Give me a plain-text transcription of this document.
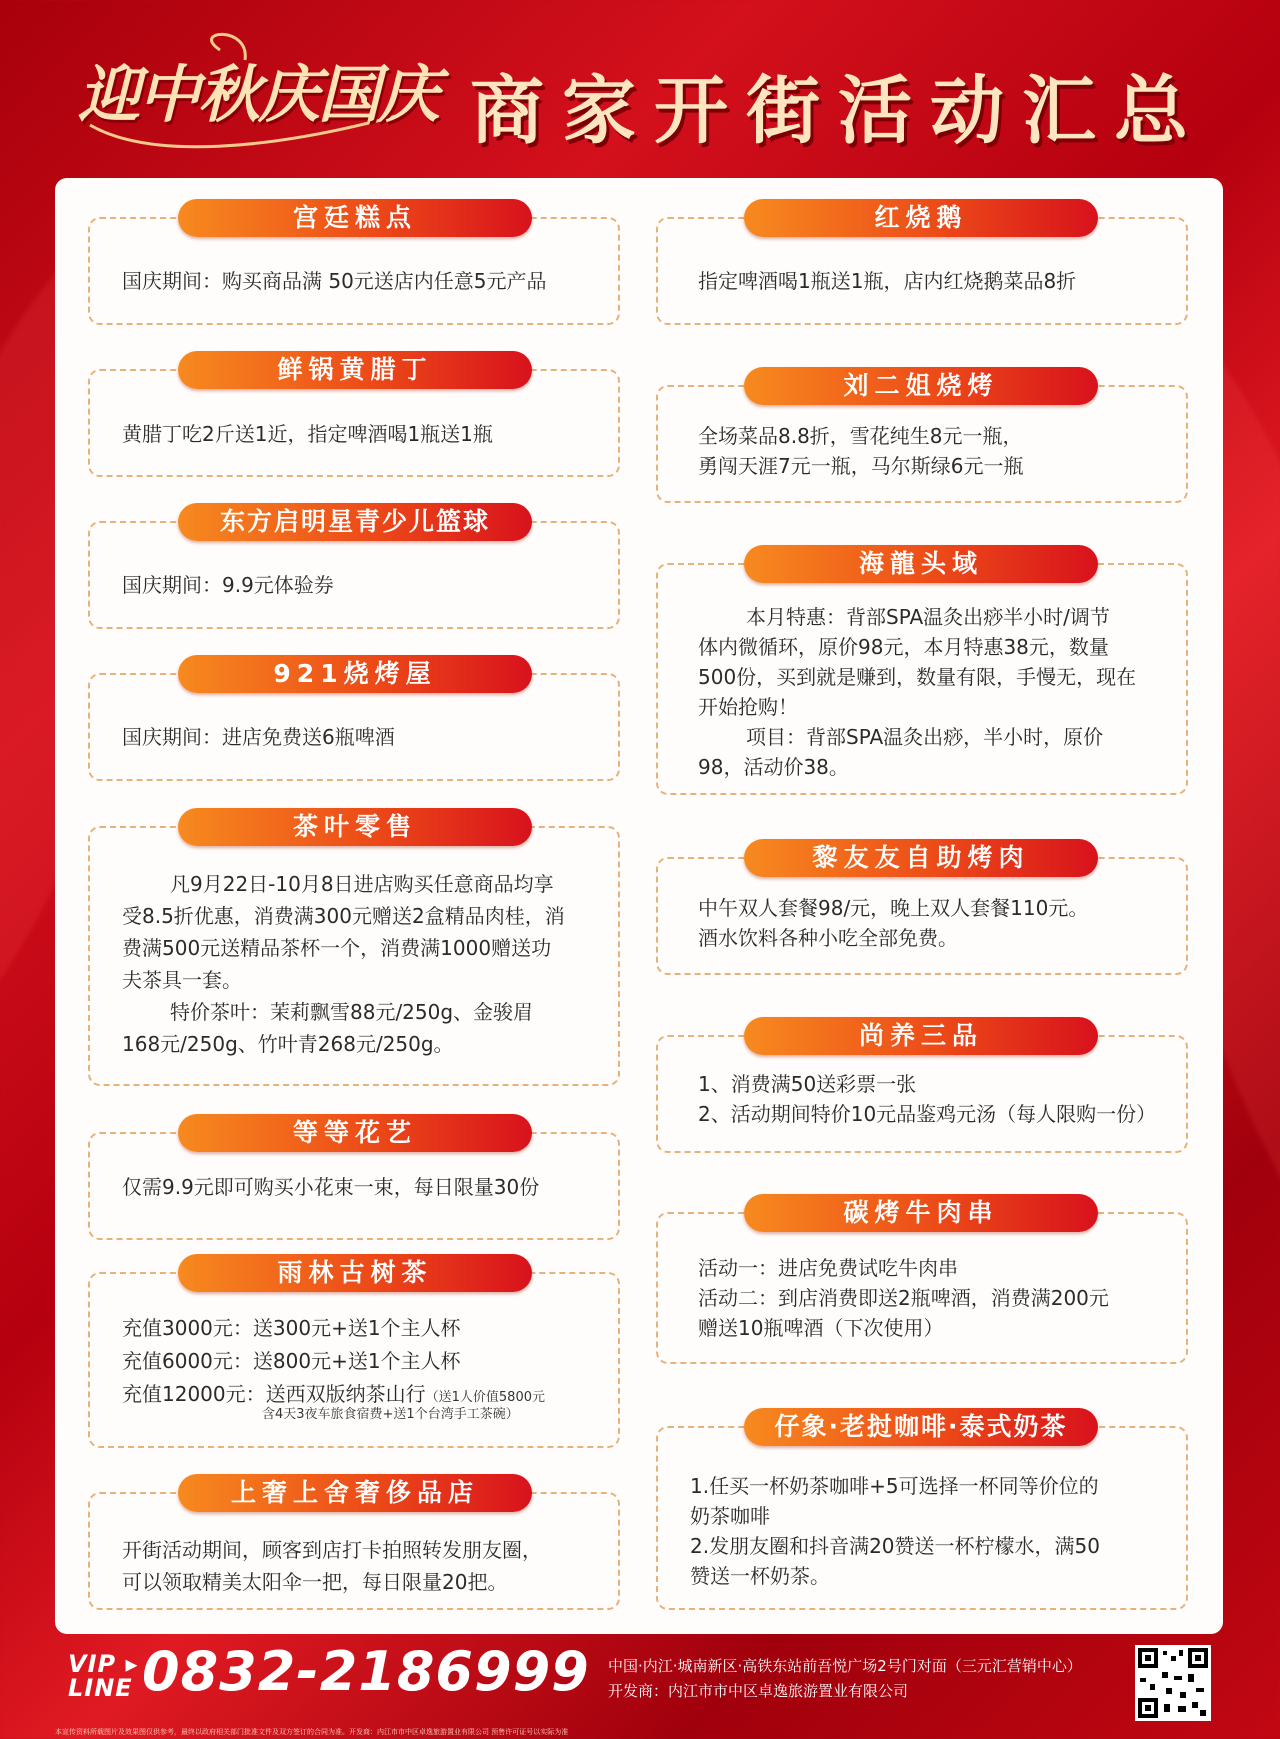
迎中秋庆国庆 商家开街活动汇总
宫廷糕点
国庆期间：购买商品满 50元送店内任意5元产品
鲜锅黄腊丁
黄腊丁吃2斤送1近，指定啤酒喝1瓶送1瓶
东方启明星青少儿篮球
国庆期间：9.9元体验券
921烧烤屋
国庆期间：进店免费送6瓶啤酒
茶叶零售
凡9月22日-10月8日进店购买任意商品均享
受8.5折优惠，消费满300元赠送2盒精品肉桂，消
费满500元送精品茶杯一个，消费满1000赠送功
夫茶具一套。
特价茶叶：茉莉飘雪88元/250g、金骏眉
168元/250g、竹叶青268元/250g。
等等花艺
仅需9.9元即可购买小花束一束，每日限量30份
雨林古树茶
充值3000元：送300元+送1个主人杯
充值6000元：送800元+送1个主人杯
充值12000元：送西双版纳茶山行（送1人价值5800元
含4天3夜车旅食宿费+送1个台湾手工茶碗）
上奢上舍奢侈品店
开街活动期间，顾客到店打卡拍照转发朋友圈，
可以领取精美太阳伞一把，每日限量20把。
红烧鹅
指定啤酒喝1瓶送1瓶，店内红烧鹅菜品8折
刘二姐烧烤
全场菜品8.8折，雪花纯生8元一瓶，
勇闯天涯7元一瓶，马尔斯绿6元一瓶
海龍头域
本月特惠：背部SPA温灸出痧半小时/调节
体内微循环，原价98元，本月特惠38元，数量
500份，买到就是赚到，数量有限，手慢无，现在
开始抢购！
项目：背部SPA温灸出痧，半小时，原价
98，活动价38。
黎友友自助烤肉
中午双人套餐98/元，晚上双人套餐110元。
酒水饮料各种小吃全部免费。
尚养三品
1、消费满50送彩票一张
2、活动期间特价10元品鉴鸡元汤（每人限购一份）
碳烤牛肉串
活动一：进店免费试吃牛肉串
活动二：到店消费即送2瓶啤酒，消费满200元
赠送10瓶啤酒（下次使用）
仔象·老挝咖啡·泰式奶茶
1.任买一杯奶茶咖啡+5可选择一杯同等价位的
奶茶咖啡
2.发朋友圈和抖音满20赞送一杯柠檬水，满50
赞送一杯奶茶。
VIP ▸
LINE 0832-2186999 中国·内江·城南新区·高铁东站前吾悦广场2号门对面（三元汇营销中心）
开发商：内江市市中区卓逸旅游置业有限公司
本宣传资料所载图片及效果图仅供参考，最终以政府相关部门批准文件及双方签订的合同为准。开发商：内江市市中区卓逸旅游置业有限公司 预售许可证号以实际为准
